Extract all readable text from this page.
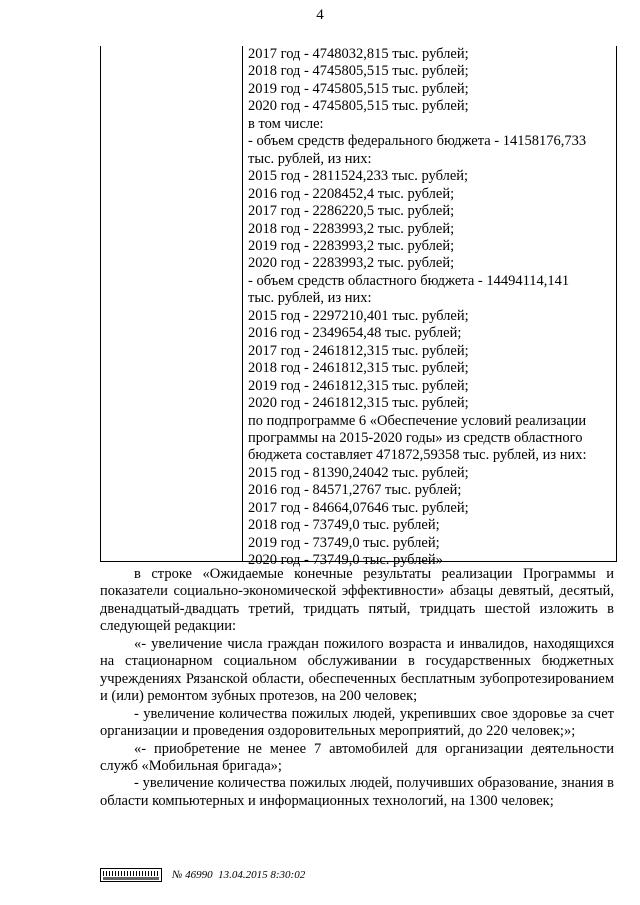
4
2017 год - 4748032,815 тыс. рублей;
2018 год - 4745805,515 тыс. рублей;
2019 год - 4745805,515 тыс. рублей;
2020 год - 4745805,515 тыс. рублей;
в том числе:
- объем средств федерального бюджета - 14158176,733
тыс. рублей, из них:
2015 год - 2811524,233 тыс. рублей;
2016 год - 2208452,4 тыс. рублей;
2017 год - 2286220,5 тыс. рублей;
2018 год - 2283993,2 тыс. рублей;
2019 год - 2283993,2 тыс. рублей;
2020 год - 2283993,2 тыс. рублей;
- объем средств областного бюджета - 14494114,141
тыс. рублей, из них:
2015 год - 2297210,401 тыс. рублей;
2016 год - 2349654,48 тыс. рублей;
2017 год - 2461812,315 тыс. рублей;
2018 год - 2461812,315 тыс. рублей;
2019 год - 2461812,315 тыс. рублей;
2020 год - 2461812,315 тыс. рублей;
по подпрограмме 6 «Обеспечение условий реализации
программы на 2015-2020 годы» из средств областного
бюджета составляет 471872,59358 тыс. рублей, из них:
2015 год - 81390,24042 тыс. рублей;
2016 год - 84571,2767 тыс. рублей;
2017 год - 84664,07646 тыс. рублей;
2018 год - 73749,0 тыс. рублей;
2019 год - 73749,0 тыс. рублей;
2020 год - 73749,0 тыс. рублей»

в строке «Ожидаемые конечные результаты реализации Программы и показатели социально-экономической эффективности» абзацы девятый, десятый, двенадцатый-двадцать третий, тридцать пятый, тридцать шестой изложить в следующей редакции:

«- увеличение числа граждан пожилого возраста и инвалидов, находящихся на стационарном социальном обслуживании в государственных бюджетных учреждениях Рязанской области, обеспеченных бесплатным зубопротезированием и (или) ремонтом зубных протезов, на 200 человек;

- увеличение количества пожилых людей, укрепивших свое здоровье за счет организации и проведения оздоровительных мероприятий, до 220 человек;»;

«- приобретение не менее 7 автомобилей для организации деятельности служб «Мобильная бригада»;

- увеличение количества пожилых людей, получивших образование, знания в области компьютерных и информационных технологий, на 1300 человек;

№ 46990 13.04.2015 8:30:02
